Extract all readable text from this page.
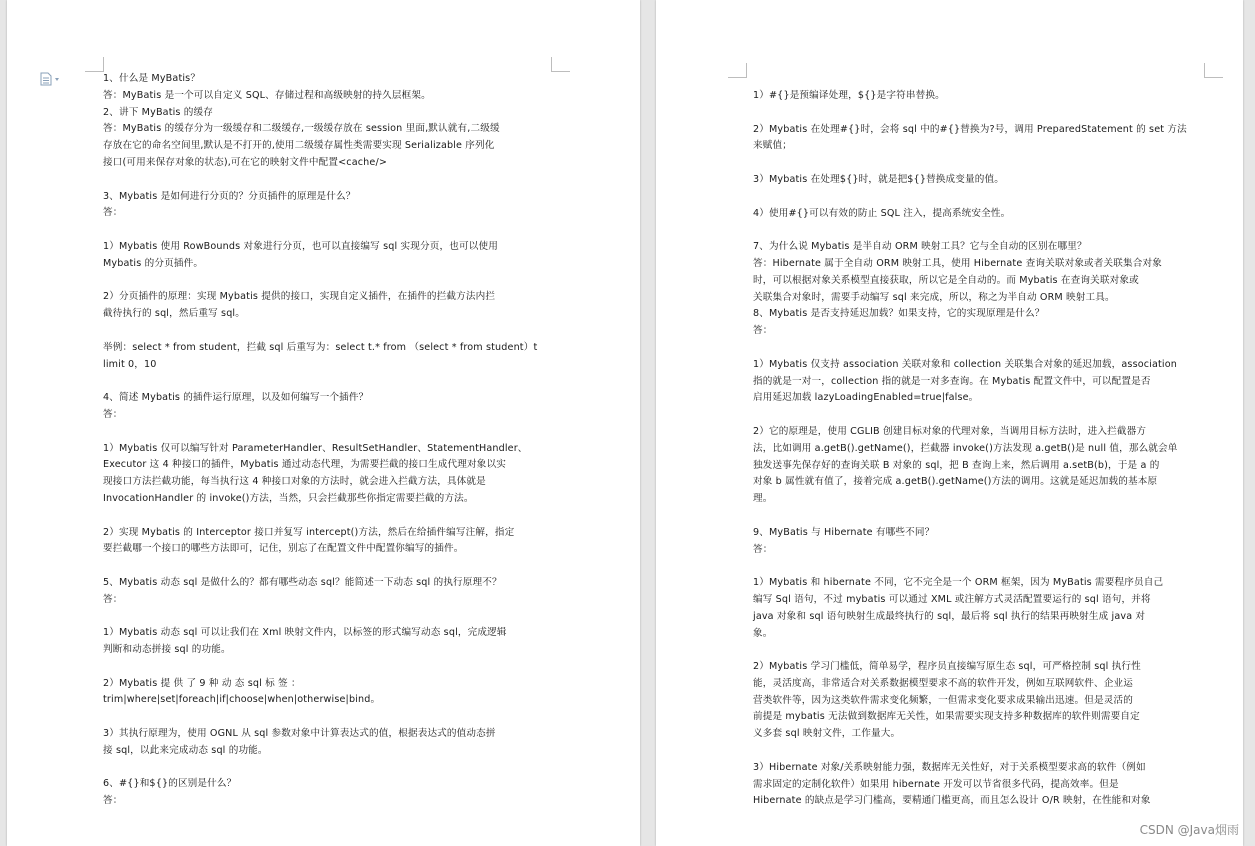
1、什么是 MyBatis？
答：MyBatis 是一个可以自定义 SQL、存储过程和高级映射的持久层框架。
2、讲下 MyBatis 的缓存
答：MyBatis 的缓存分为一级缓存和二级缓存,一级缓存放在 session 里面,默认就有,二级缓
存放在它的命名空间里,默认是不打开的,使用二级缓存属性类需要实现 Serializable 序列化
接口(可用来保存对象的状态),可在它的映射文件中配置<cache/>
3、Mybatis 是如何进行分页的？分页插件的原理是什么？
答：
1）Mybatis 使用 RowBounds 对象进行分页，也可以直接编写 sql 实现分页，也可以使用
Mybatis 的分页插件。
2）分页插件的原理：实现 Mybatis 提供的接口，实现自定义插件，在插件的拦截方法内拦
截待执行的 sql，然后重写 sql。
举例：select * from student，拦截 sql 后重写为：select t.* from （select * from student）t
limit 0，10
4、简述 Mybatis 的插件运行原理，以及如何编写一个插件？
答：
1）Mybatis 仅可以编写针对 ParameterHandler、ResultSetHandler、StatementHandler、
Executor 这 4 种接口的插件，Mybatis 通过动态代理，为需要拦截的接口生成代理对象以实
现接口方法拦截功能，每当执行这 4 种接口对象的方法时，就会进入拦截方法，具体就是
InvocationHandler 的 invoke()方法，当然，只会拦截那些你指定需要拦截的方法。
2）实现 Mybatis 的 Interceptor 接口并复写 intercept()方法，然后在给插件编写注解，指定
要拦截哪一个接口的哪些方法即可，记住，别忘了在配置文件中配置你编写的插件。
5、Mybatis 动态 sql 是做什么的？都有哪些动态 sql？能简述一下动态 sql 的执行原理不？
答：
1）Mybatis 动态 sql 可以让我们在 Xml 映射文件内，以标签的形式编写动态 sql，完成逻辑
判断和动态拼接 sql 的功能。
2）Mybatis 提 供 了 9 种 动 态 sql 标 签 ：
trim|where|set|foreach|if|choose|when|otherwise|bind。
3）其执行原理为，使用 OGNL 从 sql 参数对象中计算表达式的值，根据表达式的值动态拼
接 sql，以此来完成动态 sql 的功能。
6、#{}和${}的区别是什么？
答：
1）#{}是预编译处理，${}是字符串替换。
2）Mybatis 在处理#{}时，会将 sql 中的#{}替换为?号，调用 PreparedStatement 的 set 方法
来赋值；
3）Mybatis 在处理${}时，就是把${}替换成变量的值。
4）使用#{}可以有效的防止 SQL 注入，提高系统安全性。
7、为什么说 Mybatis 是半自动 ORM 映射工具？它与全自动的区别在哪里？
答：Hibernate 属于全自动 ORM 映射工具，使用 Hibernate 查询关联对象或者关联集合对象
时，可以根据对象关系模型直接获取，所以它是全自动的。而 Mybatis 在查询关联对象或
关联集合对象时，需要手动编写 sql 来完成，所以，称之为半自动 ORM 映射工具。
8、Mybatis 是否支持延迟加载？如果支持，它的实现原理是什么？
答：
1）Mybatis 仅支持 association 关联对象和 collection 关联集合对象的延迟加载，association
指的就是一对一，collection 指的就是一对多查询。在 Mybatis 配置文件中，可以配置是否
启用延迟加载 lazyLoadingEnabled=true|false。
2）它的原理是，使用 CGLIB 创建目标对象的代理对象，当调用目标方法时，进入拦截器方
法，比如调用 a.getB().getName()，拦截器 invoke()方法发现 a.getB()是 null 值，那么就会单
独发送事先保存好的查询关联 B 对象的 sql，把 B 查询上来，然后调用 a.setB(b)，于是 a 的
对象 b 属性就有值了，接着完成 a.getB().getName()方法的调用。这就是延迟加载的基本原
理。
9、MyBatis 与 Hibernate 有哪些不同？
答：
1）Mybatis 和 hibernate 不同，它不完全是一个 ORM 框架，因为 MyBatis 需要程序员自己
编写 Sql 语句，不过 mybatis 可以通过 XML 或注解方式灵活配置要运行的 sql 语句，并将
java 对象和 sql 语句映射生成最终执行的 sql，最后将 sql 执行的结果再映射生成 java 对
象。
2）Mybatis 学习门槛低，简单易学，程序员直接编写原生态 sql，可严格控制 sql 执行性
能，灵活度高，非常适合对关系数据模型要求不高的软件开发，例如互联网软件、企业运
营类软件等，因为这类软件需求变化频繁，一但需求变化要求成果输出迅速。但是灵活的
前提是 mybatis 无法做到数据库无关性，如果需要实现支持多种数据库的软件则需要自定
义多套 sql 映射文件，工作量大。
3）Hibernate 对象/关系映射能力强，数据库无关性好，对于关系模型要求高的软件（例如
需求固定的定制化软件）如果用 hibernate 开发可以节省很多代码，提高效率。但是
Hibernate 的缺点是学习门槛高，要精通门槛更高，而且怎么设计 O/R 映射，在性能和对象
CSDN @Java烟雨
